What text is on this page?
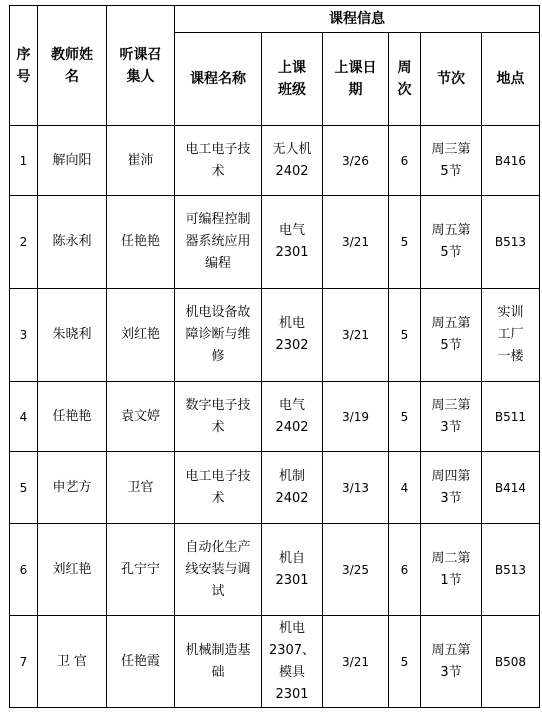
序号	教师姓名	听课召集人	课程信息					
			课程名称	上课班级	上课日期	周次	节次	地点
1	解向阳	崔沛	电工电子技术	无人机2402	3/26	6	周三第5节	B416
2	陈永利	任艳艳	可编程控制器系统应用编程	电气2301	3/21	5	周五第5节	B513
3	朱晓利	刘红艳	机电设备故障诊断与维修	机电2302	3/21	5	周五第5节	实训工厂一楼
4	任艳艳	袁文婷	数字电子技术	电气2402	3/19	5	周三第3节	B511
5	申艺方	卫官	电工电子技术	机制2402	3/13	4	周四第3节	B414
6	刘红艳	孔宁宁	自动化生产线安装与调试	机自2301	3/25	6	周二第1节	B513
7	卫 官	任艳霞	机械制造基础	机电2307、模具2301	3/21	5	周五第3节	B508
